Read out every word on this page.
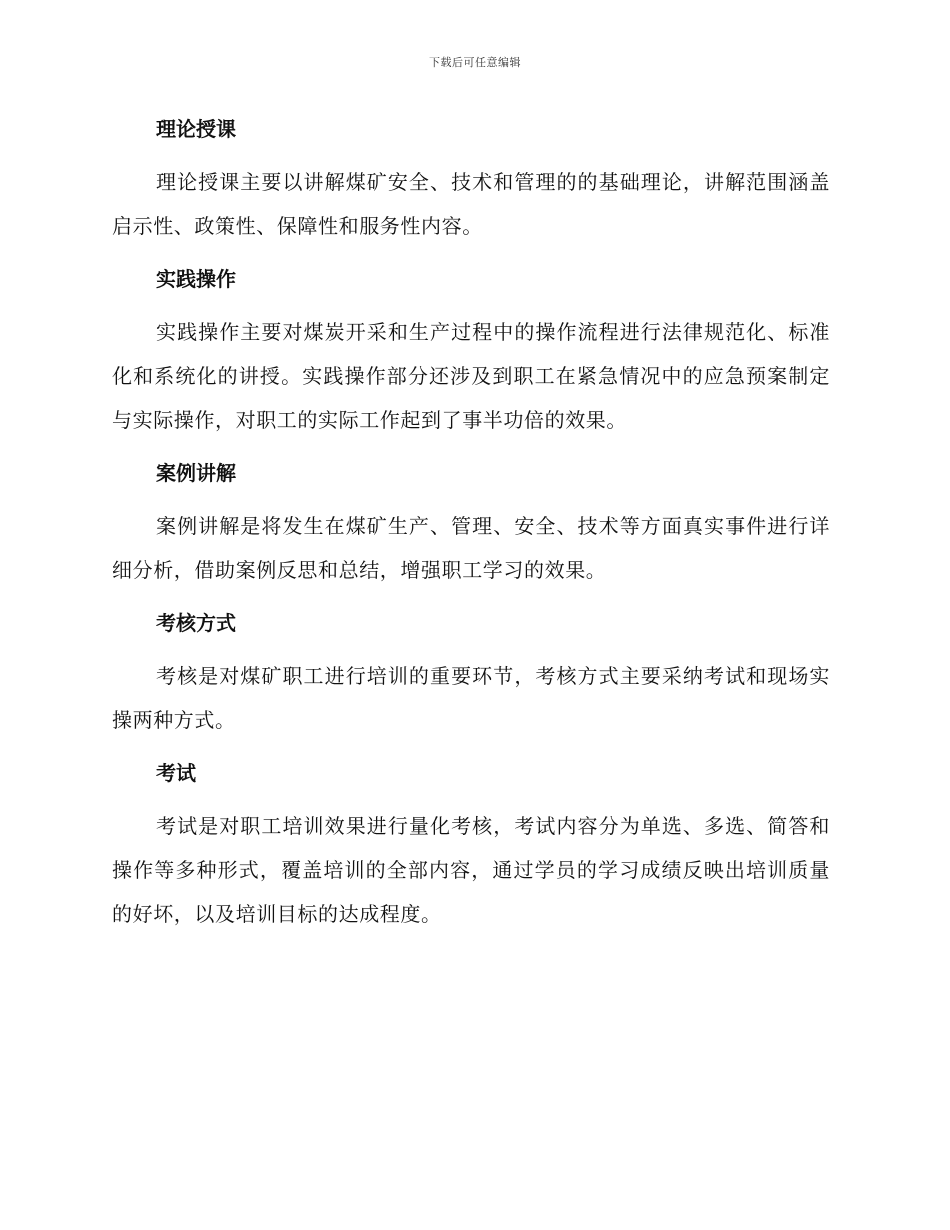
下载后可任意编辑
理论授课

理论授课主要以讲解煤矿安全、技术和管理的的基础理论，讲解范围涵盖启示性、政策性、保障性和服务性内容。

实践操作

实践操作主要对煤炭开采和生产过程中的操作流程进行法律规范化、标准化和系统化的讲授。实践操作部分还涉及到职工在紧急情况中的应急预案制定与实际操作，对职工的实际工作起到了事半功倍的效果。

案例讲解

案例讲解是将发生在煤矿生产、管理、安全、技术等方面真实事件进行详细分析，借助案例反思和总结，增强职工学习的效果。

考核方式

考核是对煤矿职工进行培训的重要环节，考核方式主要采纳考试和现场实操两种方式。

考试

考试是对职工培训效果进行量化考核，考试内容分为单选、多选、简答和操作等多种形式，覆盖培训的全部内容，通过学员的学习成绩反映出培训质量的好坏，以及培训目标的达成程度。
